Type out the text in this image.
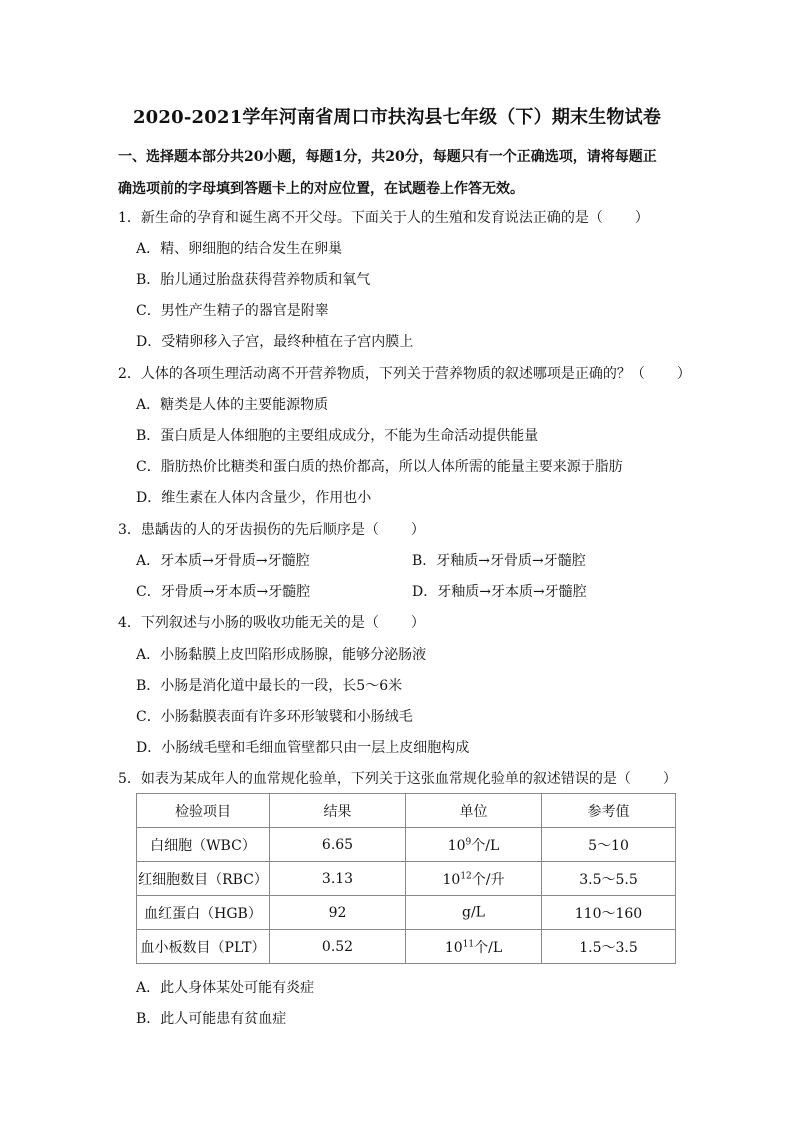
2020-2021学年河南省周口市扶沟县七年级（下）期末生物试卷
一、选择题本部分共20小题，每题1分，共20分，每题只有一个正确选项，请将每题正
确选项前的字母填到答题卡上的对应位置，在试题卷上作答无效。
1．新生命的孕育和诞生离不开父母。下面关于人的生殖和发育说法正确的是（ ）
A．精、卵细胞的结合发生在卵巢
B．胎儿通过胎盘获得营养物质和氧气
C．男性产生精子的器官是附睾
D．受精卵移入子宫，最终种植在子宫内膜上
2．人体的各项生理活动离不开营养物质，下列关于营养物质的叙述哪项是正确的？（ ）
A．糖类是人体的主要能源物质
B．蛋白质是人体细胞的主要组成成分，不能为生命活动提供能量
C．脂肪热价比糖类和蛋白质的热价都高，所以人体所需的能量主要来源于脂肪
D．维生素在人体内含量少，作用也小
3．患龋齿的人的牙齿损伤的先后顺序是（ ）
A．牙本质→牙骨质→牙髓腔	B．牙釉质→牙骨质→牙髓腔
C．牙骨质→牙本质→牙髓腔	D．牙釉质→牙本质→牙髓腔
4．下列叙述与小肠的吸收功能无关的是（ ）
A．小肠黏膜上皮凹陷形成肠腺，能够分泌肠液
B．小肠是消化道中最长的一段，长5～6米
C．小肠黏膜表面有许多环形皱襞和小肠绒毛
D．小肠绒毛壁和毛细血管壁都只由一层上皮细胞构成
5．如表为某成年人的血常规化验单，下列关于这张血常规化验单的叙述错误的是（ ）
检验项目	结果	单位	参考值
白细胞（WBC）	6.65	$10^9$个/L	5～10
红细胞数目（RBC）	3.13	$10^{12}$个/升	3.5～5.5
血红蛋白（HGB）	92	g/L	110～160
血小板数目（PLT）	0.52	$10^{11}$个/L	1.5～3.5
A．此人身体某处可能有炎症
B．此人可能患有贫血症
